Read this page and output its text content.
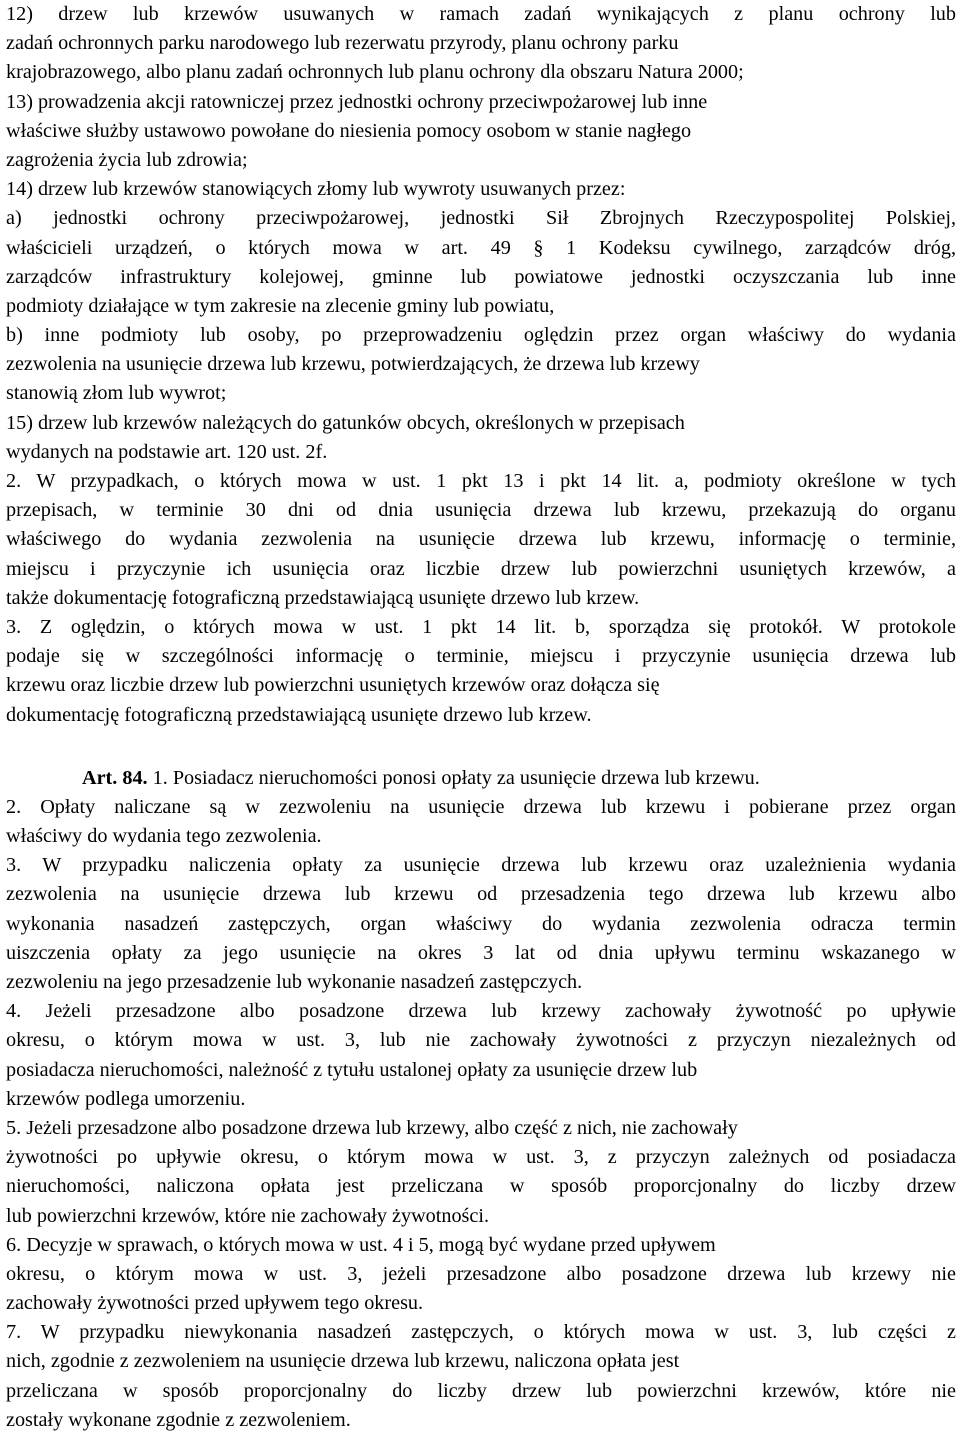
12) drzew lub krzewów usuwanych w ramach zadań wynikających z planu ochrony lub
zadań ochronnych parku narodowego lub rezerwatu przyrody, planu ochrony parku
krajobrazowego, albo planu zadań ochronnych lub planu ochrony dla obszaru Natura 2000;
13) prowadzenia akcji ratowniczej przez jednostki ochrony przeciwpożarowej lub inne
właściwe służby ustawowo powołane do niesienia pomocy osobom w stanie nagłego
zagrożenia życia lub zdrowia;
14) drzew lub krzewów stanowiących złomy lub wywroty usuwanych przez:
a) jednostki ochrony przeciwpożarowej, jednostki Sił Zbrojnych Rzeczypospolitej Polskiej,
właścicieli urządzeń, o których mowa w art. 49 § 1 Kodeksu cywilnego, zarządców dróg,
zarządców infrastruktury kolejowej, gminne lub powiatowe jednostki oczyszczania lub inne
podmioty działające w tym zakresie na zlecenie gminy lub powiatu,
b) inne podmioty lub osoby, po przeprowadzeniu oględzin przez organ właściwy do wydania
zezwolenia na usunięcie drzewa lub krzewu, potwierdzających, że drzewa lub krzewy
stanowią złom lub wywrot;
15) drzew lub krzewów należących do gatunków obcych, określonych w przepisach
wydanych na podstawie art. 120 ust. 2f.
2. W przypadkach, o których mowa w ust. 1 pkt 13 i pkt 14 lit. a, podmioty określone w tych
przepisach, w terminie 30 dni od dnia usunięcia drzewa lub krzewu, przekazują do organu
właściwego do wydania zezwolenia na usunięcie drzewa lub krzewu, informację o terminie,
miejscu i przyczynie ich usunięcia oraz liczbie drzew lub powierzchni usuniętych krzewów, a
także dokumentację fotograficzną przedstawiającą usunięte drzewo lub krzew.
3. Z oględzin, o których mowa w ust. 1 pkt 14 lit. b, sporządza się protokół. W protokole
podaje się w szczególności informację o terminie, miejscu i przyczynie usunięcia drzewa lub
krzewu oraz liczbie drzew lub powierzchni usuniętych krzewów oraz dołącza się
dokumentację fotograficzną przedstawiającą usunięte drzewo lub krzew.
Art. 84. 1. Posiadacz nieruchomości ponosi opłaty za usunięcie drzewa lub krzewu.
2. Opłaty naliczane są w zezwoleniu na usunięcie drzewa lub krzewu i pobierane przez organ
właściwy do wydania tego zezwolenia.
3. W przypadku naliczenia opłaty za usunięcie drzewa lub krzewu oraz uzależnienia wydania
zezwolenia na usunięcie drzewa lub krzewu od przesadzenia tego drzewa lub krzewu albo
wykonania nasadzeń zastępczych, organ właściwy do wydania zezwolenia odracza termin
uiszczenia opłaty za jego usunięcie na okres 3 lat od dnia upływu terminu wskazanego w
zezwoleniu na jego przesadzenie lub wykonanie nasadzeń zastępczych.
4. Jeżeli przesadzone albo posadzone drzewa lub krzewy zachowały żywotność po upływie
okresu, o którym mowa w ust. 3, lub nie zachowały żywotności z przyczyn niezależnych od
posiadacza nieruchomości, należność z tytułu ustalonej opłaty za usunięcie drzew lub
krzewów podlega umorzeniu.
5. Jeżeli przesadzone albo posadzone drzewa lub krzewy, albo część z nich, nie zachowały
żywotności po upływie okresu, o którym mowa w ust. 3, z przyczyn zależnych od posiadacza
nieruchomości, naliczona opłata jest przeliczana w sposób proporcjonalny do liczby drzew
lub powierzchni krzewów, które nie zachowały żywotności.
6. Decyzje w sprawach, o których mowa w ust. 4 i 5, mogą być wydane przed upływem
okresu, o którym mowa w ust. 3, jeżeli przesadzone albo posadzone drzewa lub krzewy nie
zachowały żywotności przed upływem tego okresu.
7. W przypadku niewykonania nasadzeń zastępczych, o których mowa w ust. 3, lub części z
nich, zgodnie z zezwoleniem na usunięcie drzewa lub krzewu, naliczona opłata jest
przeliczana w sposób proporcjonalny do liczby drzew lub powierzchni krzewów, które nie
zostały wykonane zgodnie z zezwoleniem.
